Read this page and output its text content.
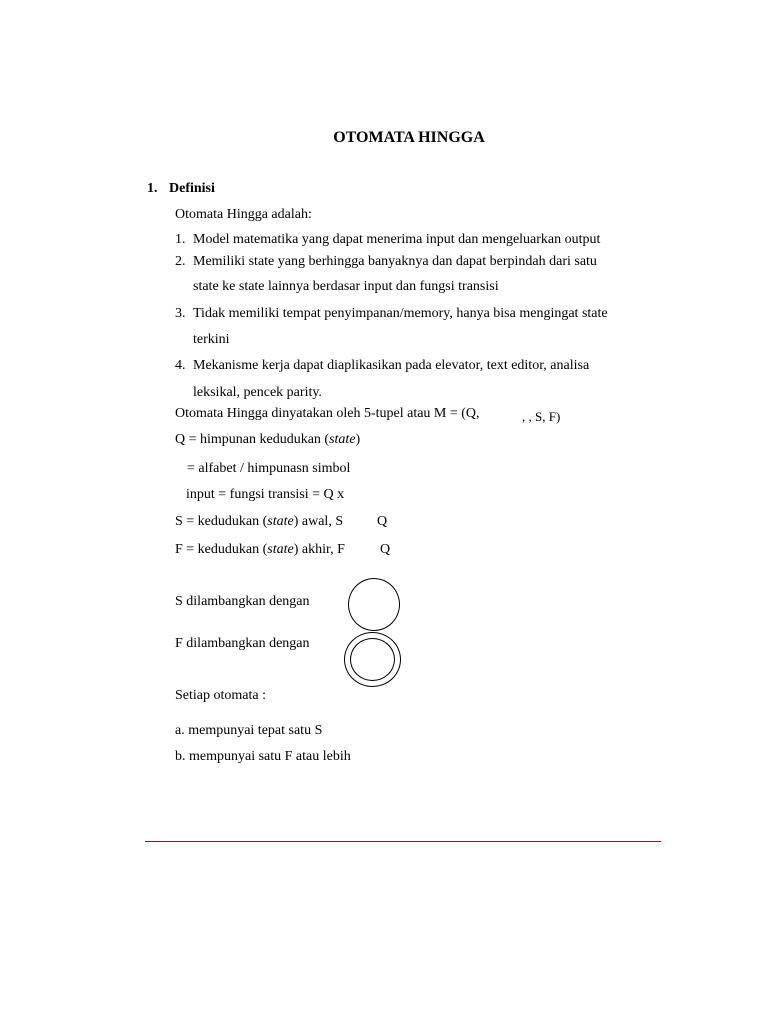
OTOMATA HINGGA
1. Definisi
Otomata Hingga adalah:
1. Model matematika yang dapat menerima input dan mengeluarkan output
2. Memiliki state yang berhingga banyaknya dan dapat berpindah dari satu
state ke state lainnya berdasar input dan fungsi transisi
3. Tidak memiliki tempat penyimpanan/memory, hanya bisa mengingat state
terkini
4. Mekanisme kerja dapat diaplikasikan pada elevator, text editor, analisa
leksikal, pencek parity.
Otomata Hingga dinyatakan oleh 5-tupel atau M = (Q,	, , S, F)
Q = himpunan kedudukan (state)
= alfabet / himpunasn simbol
input = fungsi transisi = Q x
S = kedudukan (state) awal, S Q
F = kedudukan (state) akhir, F	Q
S dilambangkan dengan
F dilambangkan dengan
Setiap otomata :
a. mempunyai tepat satu S
b. mempunyai satu F atau lebih
